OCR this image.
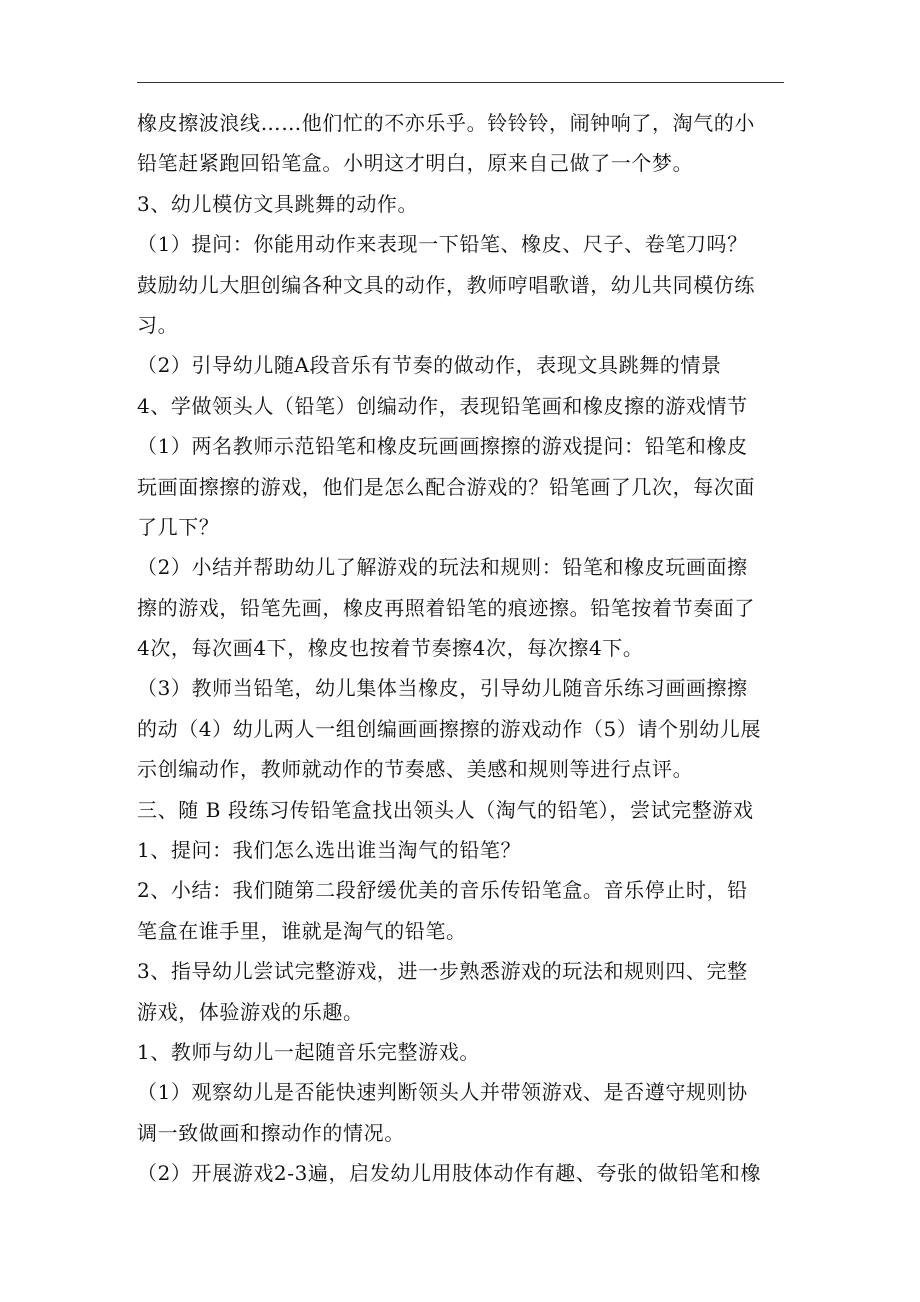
橡皮擦波浪线……他们忙的不亦乐乎。铃铃铃，闹钟响了，淘气的小
铅笔赶紧跑回铅笔盒。小明这才明白，原来自己做了一个梦。
3、幼儿模仿文具跳舞的动作。
（1）提问：你能用动作来表现一下铅笔、橡皮、尺子、卷笔刀吗？
鼓励幼儿大胆创编各种文具的动作，教师哼唱歌谱，幼儿共同模仿练
习。
（2）引导幼儿随A段音乐有节奏的做动作，表现文具跳舞的情景
4、学做领头人（铅笔）创编动作，表现铅笔画和橡皮擦的游戏情节
（1）两名教师示范铅笔和橡皮玩画画擦擦的游戏提问：铅笔和橡皮
玩画面擦擦的游戏，他们是怎么配合游戏的？铅笔画了几次，每次面
了几下？
（2）小结并帮助幼儿了解游戏的玩法和规则：铅笔和橡皮玩画面擦
擦的游戏，铅笔先画，橡皮再照着铅笔的痕迹擦。铅笔按着节奏面了
4次，每次画4下，橡皮也按着节奏擦4次，每次擦4下。
（3）教师当铅笔，幼儿集体当橡皮，引导幼儿随音乐练习画画擦擦
的动（4）幼儿两人一组创编画画擦擦的游戏动作（5）请个别幼儿展
示创编动作，教师就动作的节奏感、美感和规则等进行点评。
三、随 B 段练习传铅笔盒找出领头人（淘气的铅笔），尝试完整游戏
1、提问：我们怎么选出谁当淘气的铅笔？
2、小结：我们随第二段舒缓优美的音乐传铅笔盒。音乐停止时，铅
笔盒在谁手里，谁就是淘气的铅笔。
3、指导幼儿尝试完整游戏，进一步熟悉游戏的玩法和规则四、完整
游戏，体验游戏的乐趣。
1、教师与幼儿一起随音乐完整游戏。
（1）观察幼儿是否能快速判断领头人并带领游戏、是否遵守规则协
调一致做画和擦动作的情况。
（2）开展游戏2-3遍，启发幼儿用肢体动作有趣、夸张的做铅笔和橡
